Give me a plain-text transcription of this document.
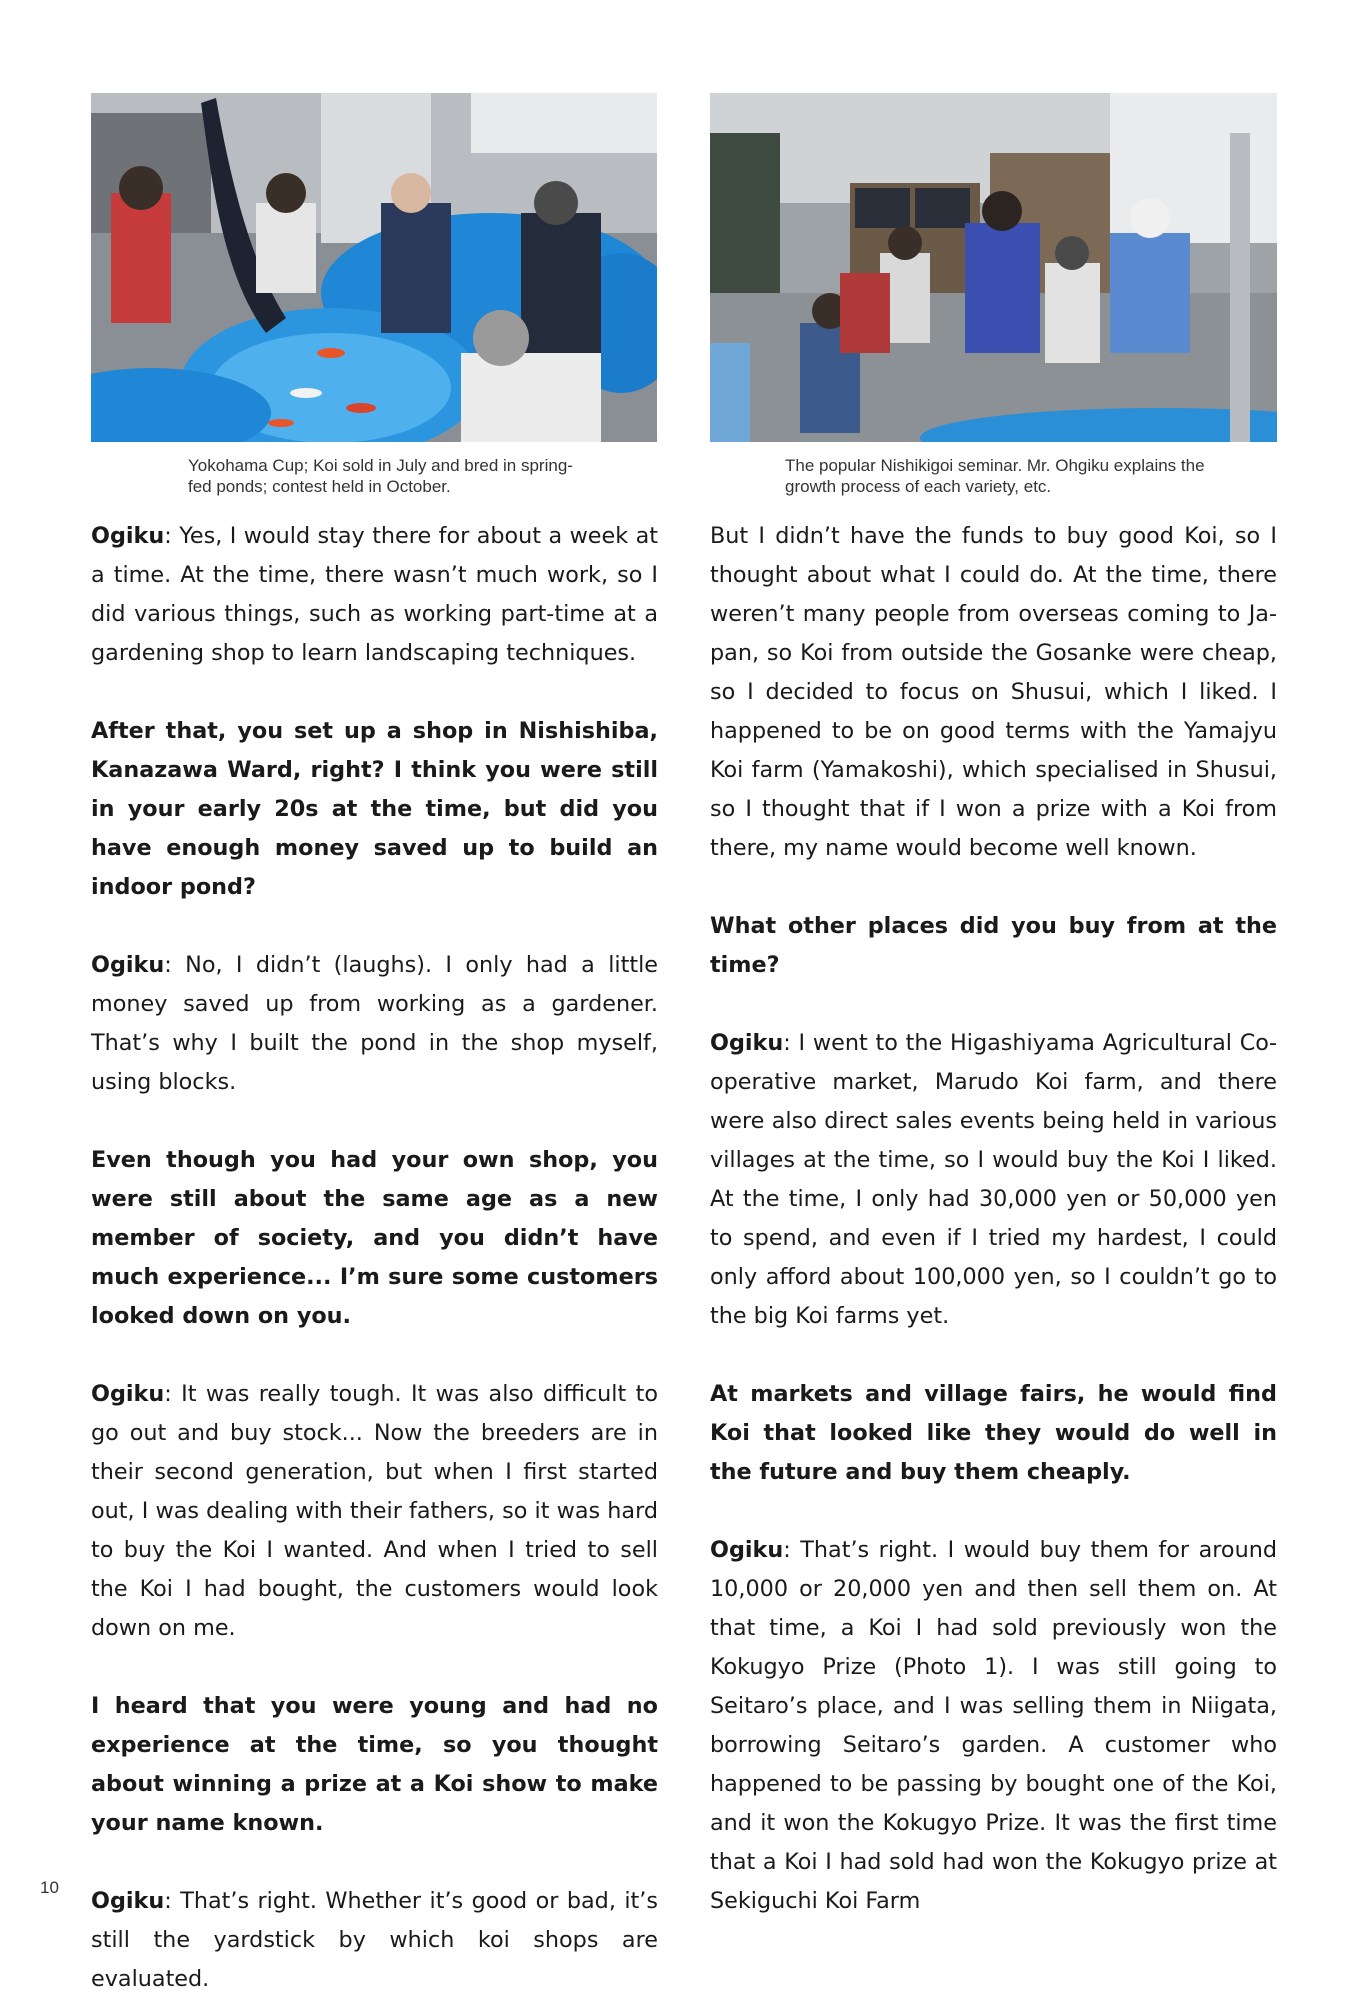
Yokohama Cup; Koi sold in July and bred in spring-fed ponds; contest held in October.
The popular Nishikigoi seminar. Mr. Ohgiku explains the growth process of each variety, etc.

Ogiku: Yes, I would stay there for about a week at a time. At the time, there wasn’t much work, so I did various things, such as working part-time at a gardening shop to learn landscaping techniques.

After that, you set up a shop in Nishishiba, Kanazawa Ward, right? I think you were still in your early 20s at the time, but did you have enough money saved up to build an indoor pond?

Ogiku: No, I didn’t (laughs). I only had a little money saved up from working as a gardener. That’s why I built the pond in the shop myself, using blocks.

Even though you had your own shop, you were still about the same age as a new member of society, and you didn’t have much experience... I’m sure some customers looked down on you.

Ogiku: It was really tough. It was also difficult to go out and buy stock... Now the breeders are in their second generation, but when I first started out, I was dealing with their fathers, so it was hard to buy the Koi I wanted. And when I tried to sell the Koi I had bought, the customers would look down on me.

I heard that you were young and had no experience at the time, so you thought about winning a prize at a Koi show to make your name known.

Ogiku: That’s right. Whether it’s good or bad, it’s still the yardstick by which koi shops are evaluated.

But I didn’t have the funds to buy good Koi, so I thought about what I could do. At the time, there weren’t many people from overseas coming to Japan, so Koi from outside the Gosanke were cheap, so I decided to focus on Shusui, which I liked. I happened to be on good terms with the Yamajyu Koi farm (Yamakoshi), which specialised in Shusui, so I thought that if I won a prize with a Koi from there, my name would become well known.

What other places did you buy from at the time?

Ogiku: I went to the Higashiyama Agricultural Cooperative market, Marudo Koi farm, and there were also direct sales events being held in various villages at the time, so I would buy the Koi I liked. At the time, I only had 30,000 yen or 50,000 yen to spend, and even if I tried my hardest, I could only afford about 100,000 yen, so I couldn’t go to the big Koi farms yet.

At markets and village fairs, he would find Koi that looked like they would do well in the future and buy them cheaply.

Ogiku: That’s right. I would buy them for around 10,000 or 20,000 yen and then sell them on. At that time, a Koi I had sold previously won the Kokugyo Prize (Photo 1). I was still going to Seitaro’s place, and I was selling them in Niigata, borrowing Seitaro’s garden. A customer who happened to be passing by bought one of the Koi, and it won the Kokugyo Prize. It was the first time that a Koi I had sold had won the Kokugyo prize at Sekiguchi Koi Farm

10
